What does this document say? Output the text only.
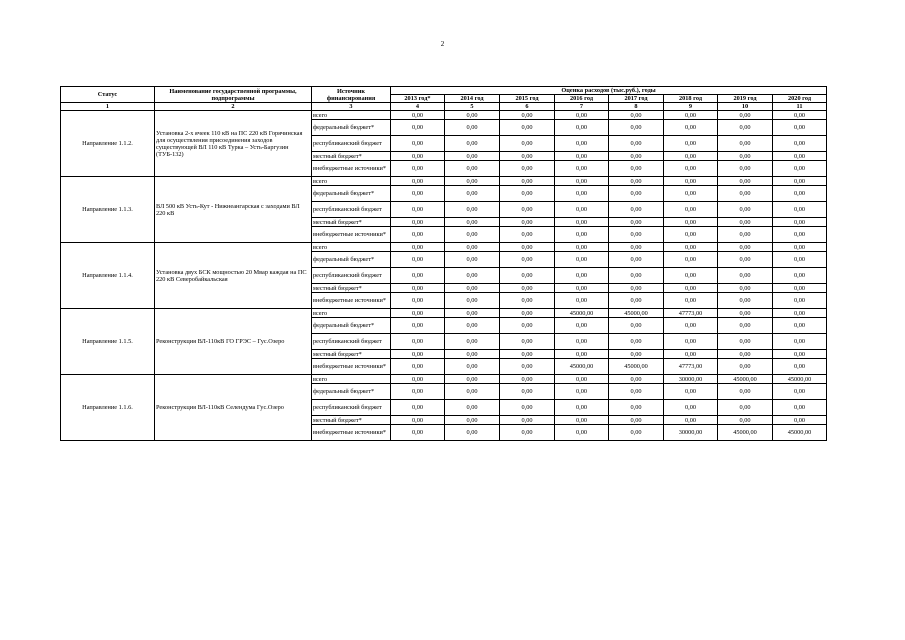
2
Статус	Наименование государственной программы, подпрограммы	Источник финансирования	Оценка расходов (тыс.руб.), годы							
			2013 год*	2014 год	2015 год	2016 год	2017 год	2018 год	2019 год	2020 год
1	2	3	4	5	6	7	8	9	10	11
Направление 1.1.2.	Установка 2-х ячеек 110 кВ на ПС 220 кВ Горячинская для осуществления присоединения заходов существующей ВЛ 110 кВ Турка – Усть-Баргузин (ТУБ-132)	всего	0,00	0,00	0,00	0,00	0,00	0,00	0,00	0,00
		федеральный бюджет*	0,00	0,00	0,00	0,00	0,00	0,00	0,00	0,00
		республиканский бюджет	0,00	0,00	0,00	0,00	0,00	0,00	0,00	0,00
		местный бюджет*	0,00	0,00	0,00	0,00	0,00	0,00	0,00	0,00
		внебюджетные источники*	0,00	0,00	0,00	0,00	0,00	0,00	0,00	0,00
Направление 1.1.3.	ВЛ 500 кВ Усть-Кут - Нижнеангарская с заходами ВЛ 220 кВ	всего	0,00	0,00	0,00	0,00	0,00	0,00	0,00	0,00
		федеральный бюджет*	0,00	0,00	0,00	0,00	0,00	0,00	0,00	0,00
		республиканский бюджет	0,00	0,00	0,00	0,00	0,00	0,00	0,00	0,00
		местный бюджет*	0,00	0,00	0,00	0,00	0,00	0,00	0,00	0,00
		внебюджетные источники*	0,00	0,00	0,00	0,00	0,00	0,00	0,00	0,00
Направление 1.1.4.	Установка двух БСК мощностью 20 Мвар каждая на ПС 220 кВ Северобайкальская	всего	0,00	0,00	0,00	0,00	0,00	0,00	0,00	0,00
		федеральный бюджет*	0,00	0,00	0,00	0,00	0,00	0,00	0,00	0,00
		республиканский бюджет	0,00	0,00	0,00	0,00	0,00	0,00	0,00	0,00
		местный бюджет*	0,00	0,00	0,00	0,00	0,00	0,00	0,00	0,00
		внебюджетные источники*	0,00	0,00	0,00	0,00	0,00	0,00	0,00	0,00
Направление 1.1.5.	Реконструкция ВЛ-110кВ ГО ГРЭС – Гус.Озеро	всего	0,00	0,00	0,00	45000,00	45000,00	47773,00	0,00	0,00
		федеральный бюджет*	0,00	0,00	0,00	0,00	0,00	0,00	0,00	0,00
		республиканский бюджет	0,00	0,00	0,00	0,00	0,00	0,00	0,00	0,00
		местный бюджет*	0,00	0,00	0,00	0,00	0,00	0,00	0,00	0,00
		внебюджетные источники*	0,00	0,00	0,00	45000,00	45000,00	47773,00	0,00	0,00
Направление 1.1.6.	Реконструкция ВЛ-110кВ Селендума Гус.Озеро	всего	0,00	0,00	0,00	0,00	0,00	30000,00	45000,00	45000,00
		федеральный бюджет*	0,00	0,00	0,00	0,00	0,00	0,00	0,00	0,00
		республиканский бюджет	0,00	0,00	0,00	0,00	0,00	0,00	0,00	0,00
		местный бюджет*	0,00	0,00	0,00	0,00	0,00	0,00	0,00	0,00
		внебюджетные источники*	0,00	0,00	0,00	0,00	0,00	30000,00	45000,00	45000,00
